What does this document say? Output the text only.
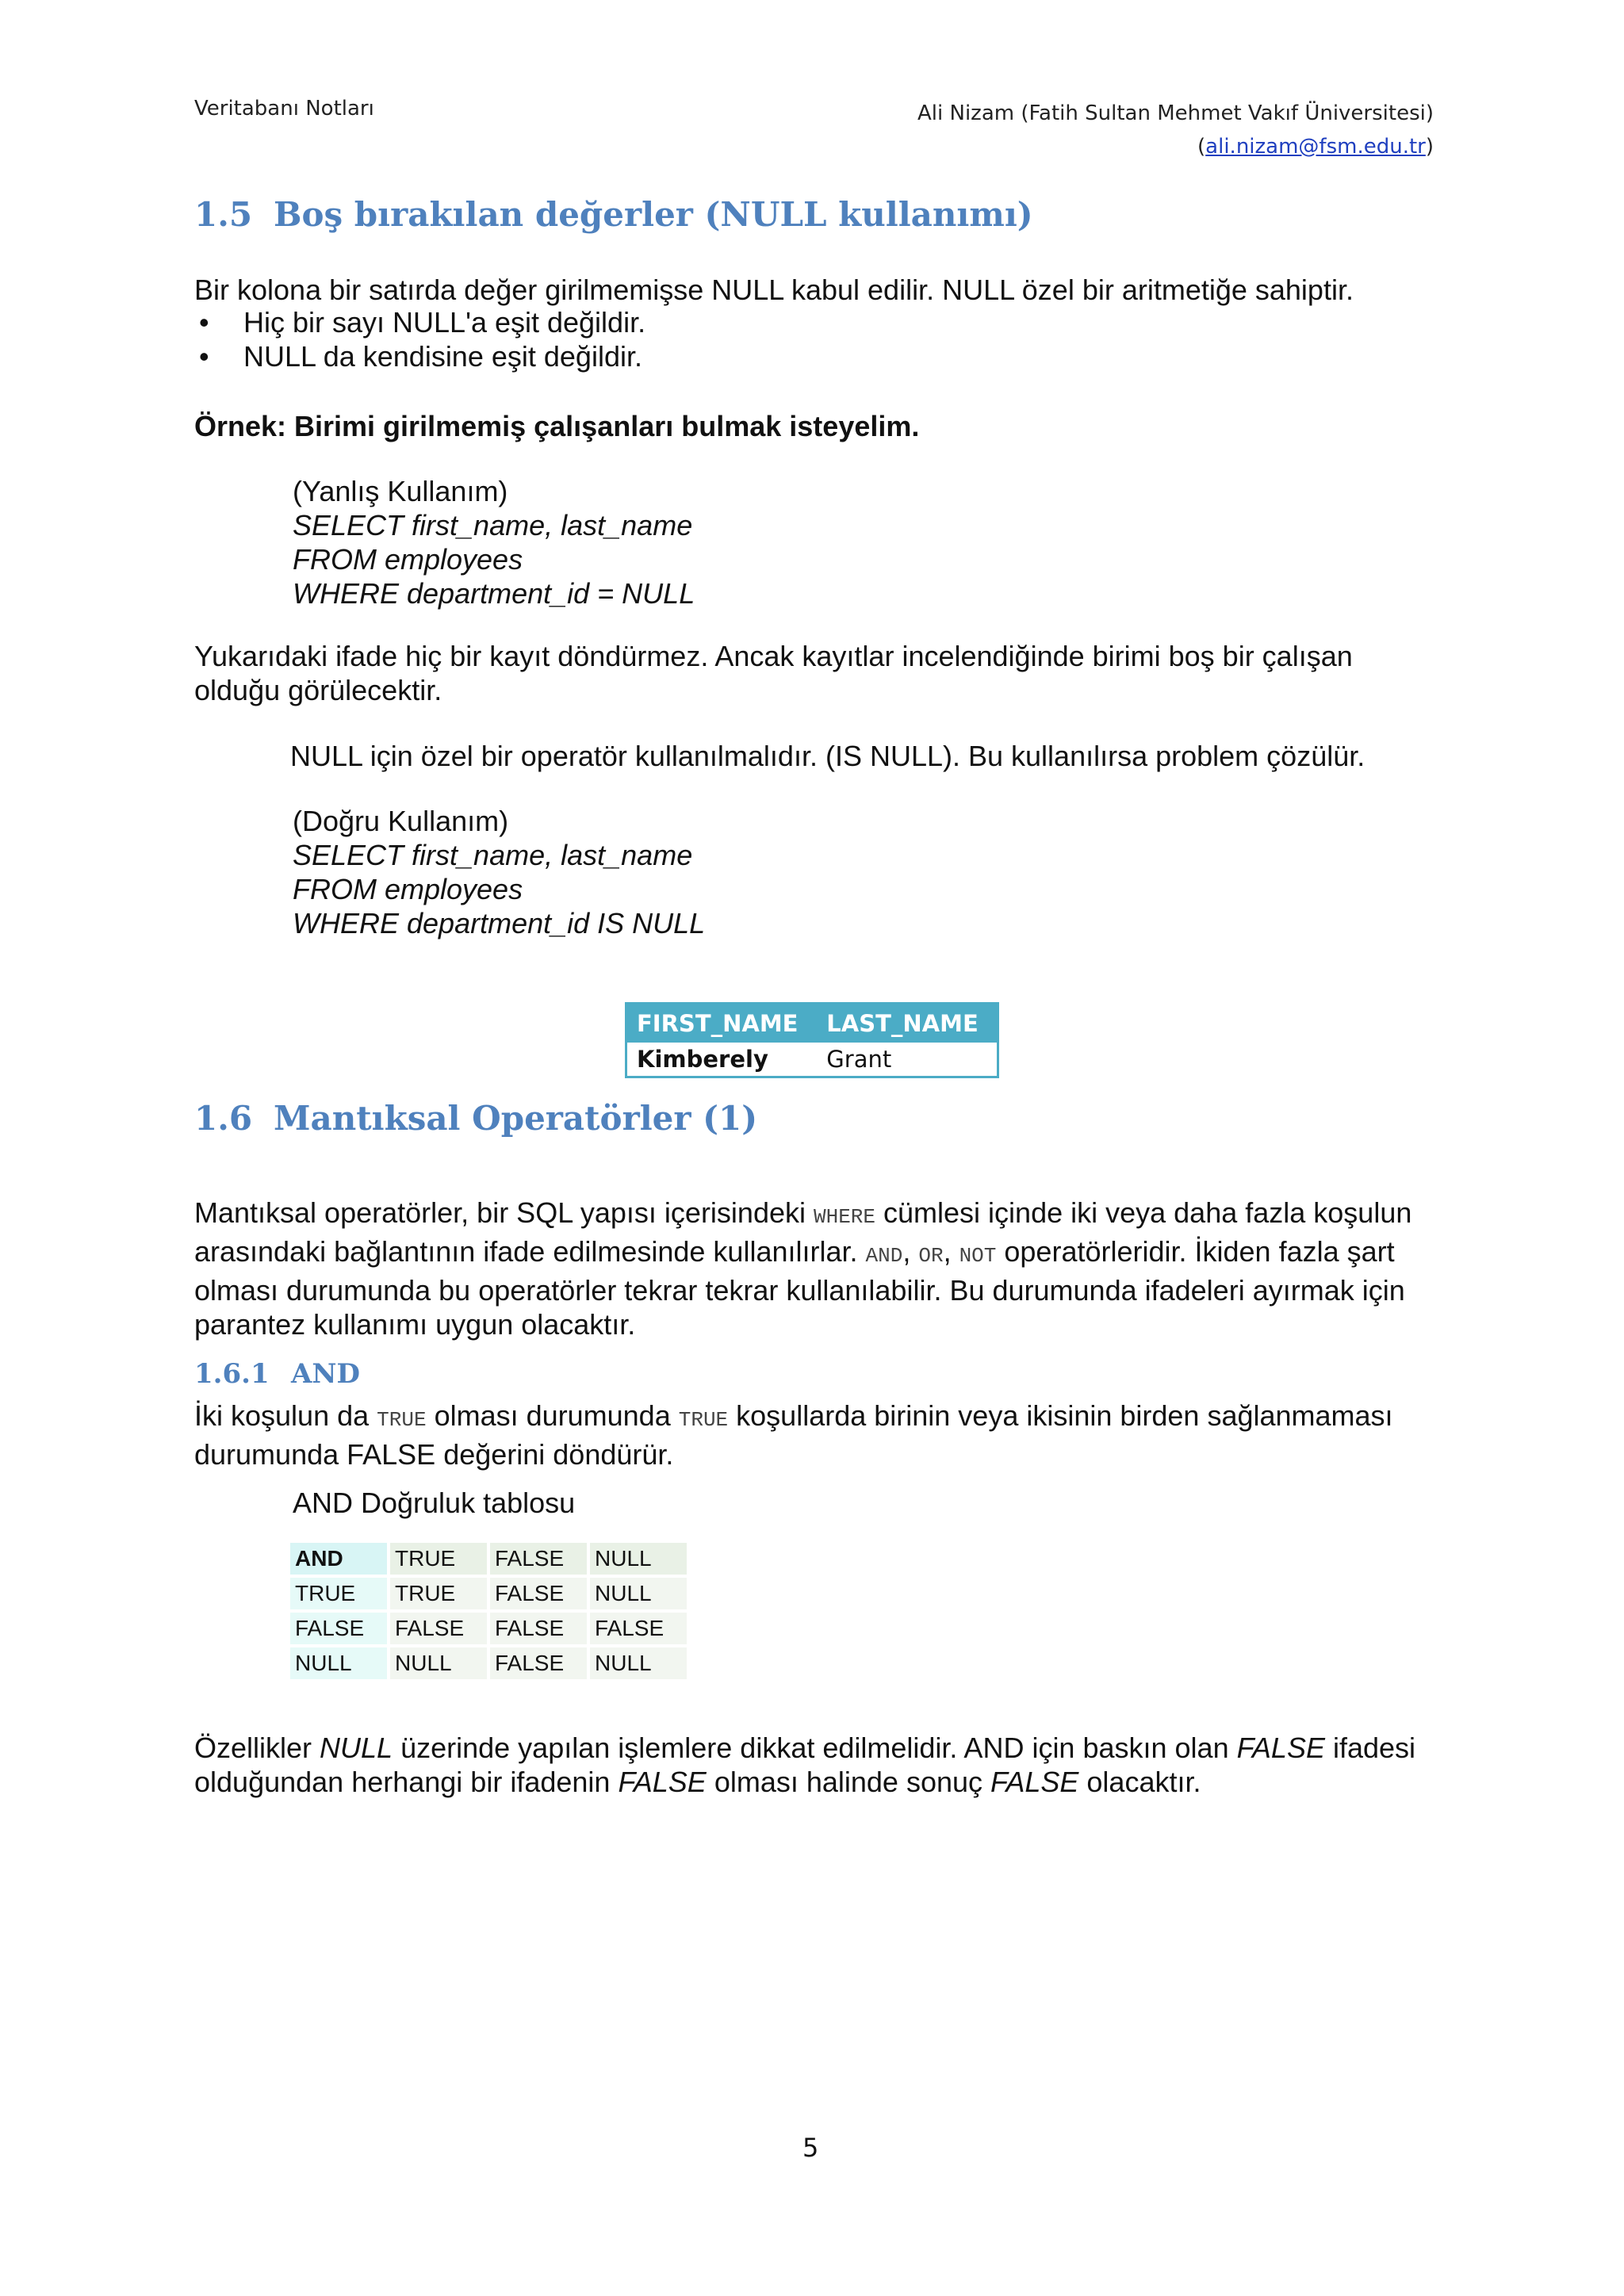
Veritabanı Notları	Ali Nizam (Fatih Sultan Mehmet Vakıf Üniversitesi)
(ali.nizam@fsm.edu.tr)
1.5 Boş bırakılan değerler (NULL kullanımı)
Bir kolona bir satırda değer girilmemişse NULL kabul edilir. NULL özel bir aritmetiğe sahiptir.
• Hiç bir sayı NULL'a eşit değildir.
• NULL da kendisine eşit değildir.
Örnek: Birimi girilmemiş çalışanları bulmak isteyelim.
(Yanlış Kullanım)
SELECT first_name, last_name
FROM employees
WHERE department_id = NULL
Yukarıdaki ifade hiç bir kayıt döndürmez. Ancak kayıtlar incelendiğinde birimi boş bir çalışan olduğu görülecektir.
NULL için özel bir operatör kullanılmalıdır. (IS NULL). Bu kullanılırsa problem çözülür.
(Doğru Kullanım)
SELECT first_name, last_name
FROM employees
WHERE department_id IS NULL
FIRST_NAME	LAST_NAME
Kimberely	Grant
1.6 Mantıksal Operatörler (1)
Mantıksal operatörler, bir SQL yapısı içerisindeki WHERE cümlesi içinde iki veya daha fazla koşulun arasındaki bağlantının ifade edilmesinde kullanılırlar. AND, OR, NOT operatörleridir. İkiden fazla şart olması durumunda bu operatörler tekrar tekrar kullanılabilir. Bu durumunda ifadeleri ayırmak için parantez kullanımı uygun olacaktır.
1.6.1 AND
İki koşulun da TRUE olması durumunda TRUE koşullarda birinin veya ikisinin birden sağlanmaması durumunda FALSE değerini döndürür.
AND Doğruluk tablosu
AND	TRUE	FALSE	NULL
TRUE	TRUE	FALSE	NULL
FALSE	FALSE	FALSE	FALSE
NULL	NULL	FALSE	NULL
Özellikler NULL üzerinde yapılan işlemlere dikkat edilmelidir. AND için baskın olan FALSE ifadesi olduğundan herhangi bir ifadenin FALSE olması halinde sonuç FALSE olacaktır.
5
